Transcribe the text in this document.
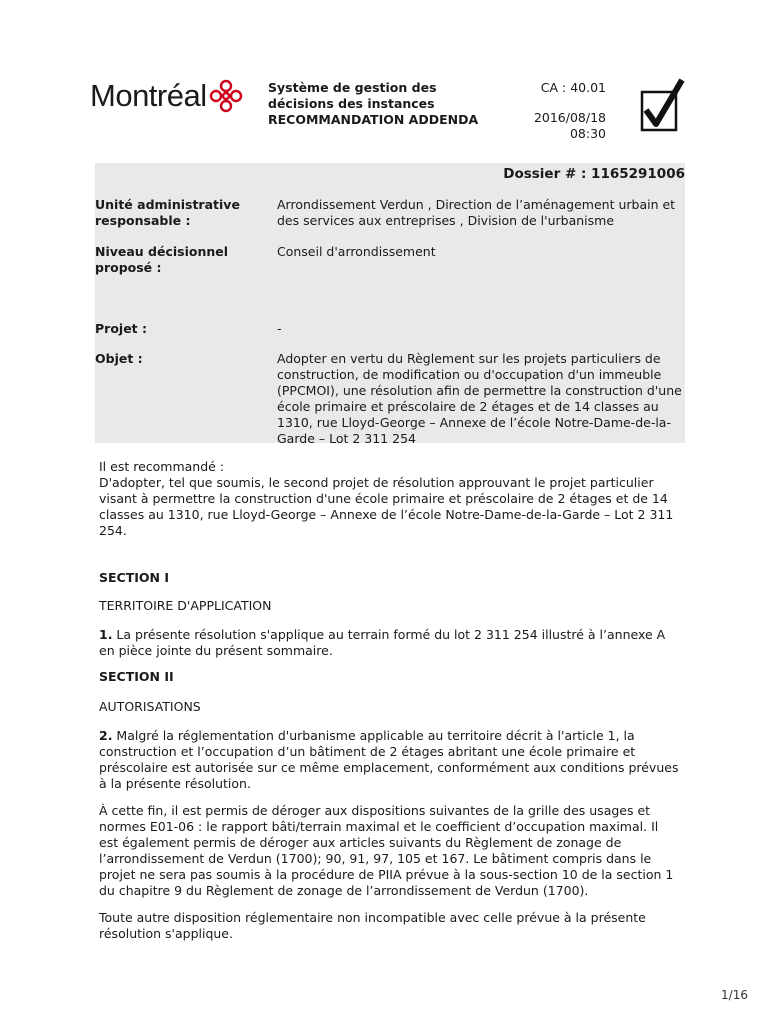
Montréal	Système de gestion des
décisions des instances
RECOMMANDATION ADDENDA
CA : 40.01
2016/08/18
08:30
Dossier # : 1165291006
Unité administrative
responsable :
Arrondissement Verdun , Direction de l’aménagement urbain et des services aux entreprises , Division de l'urbanisme
Niveau décisionnel
proposé :
Conseil d'arrondissement
Projet :	-
Objet :	Adopter en vertu du Règlement sur les projets particuliers de construction, de modification ou d'occupation d'un immeuble (PPCMOI), une résolution afin de permettre la construction d'une école primaire et préscolaire de 2 étages et de 14 classes au 1310, rue Lloyd-George – Annexe de l’école Notre-Dame-de-la-Garde – Lot 2 311 254

Il est recommandé :

D'adopter, tel que soumis, le second projet de résolution approuvant le projet particulier visant à permettre la construction d'une école primaire et préscolaire de 2 étages et de 14 classes au 1310, rue Lloyd-George – Annexe de l’école Notre-Dame-de-la-Garde – Lot 2 311 254.

SECTION I

TERRITOIRE D'APPLICATION

1. La présente résolution s'applique au terrain formé du lot 2 311 254 illustré à l’annexe A en pièce jointe du présent sommaire.

SECTION II

AUTORISATIONS

2. Malgré la réglementation d'urbanisme applicable au territoire décrit à l'article 1, la construction et l’occupation d’un bâtiment de 2 étages abritant une école primaire et préscolaire est autorisée sur ce même emplacement, conformément aux conditions prévues à la présente résolution.

À cette fin, il est permis de déroger aux dispositions suivantes de la grille des usages et normes E01-06 : le rapport bâti/terrain maximal et le coefficient d’occupation maximal. Il est également permis de déroger aux articles suivants du Règlement de zonage de l’arrondissement de Verdun (1700); 90, 91, 97, 105 et 167. Le bâtiment compris dans le projet ne sera pas soumis à la procédure de PIIA prévue à la sous-section 10 de la section 1 du chapitre 9 du Règlement de zonage de l’arrondissement de Verdun (1700).

Toute autre disposition réglementaire non incompatible avec celle prévue à la présente résolution s'applique.

1/16
